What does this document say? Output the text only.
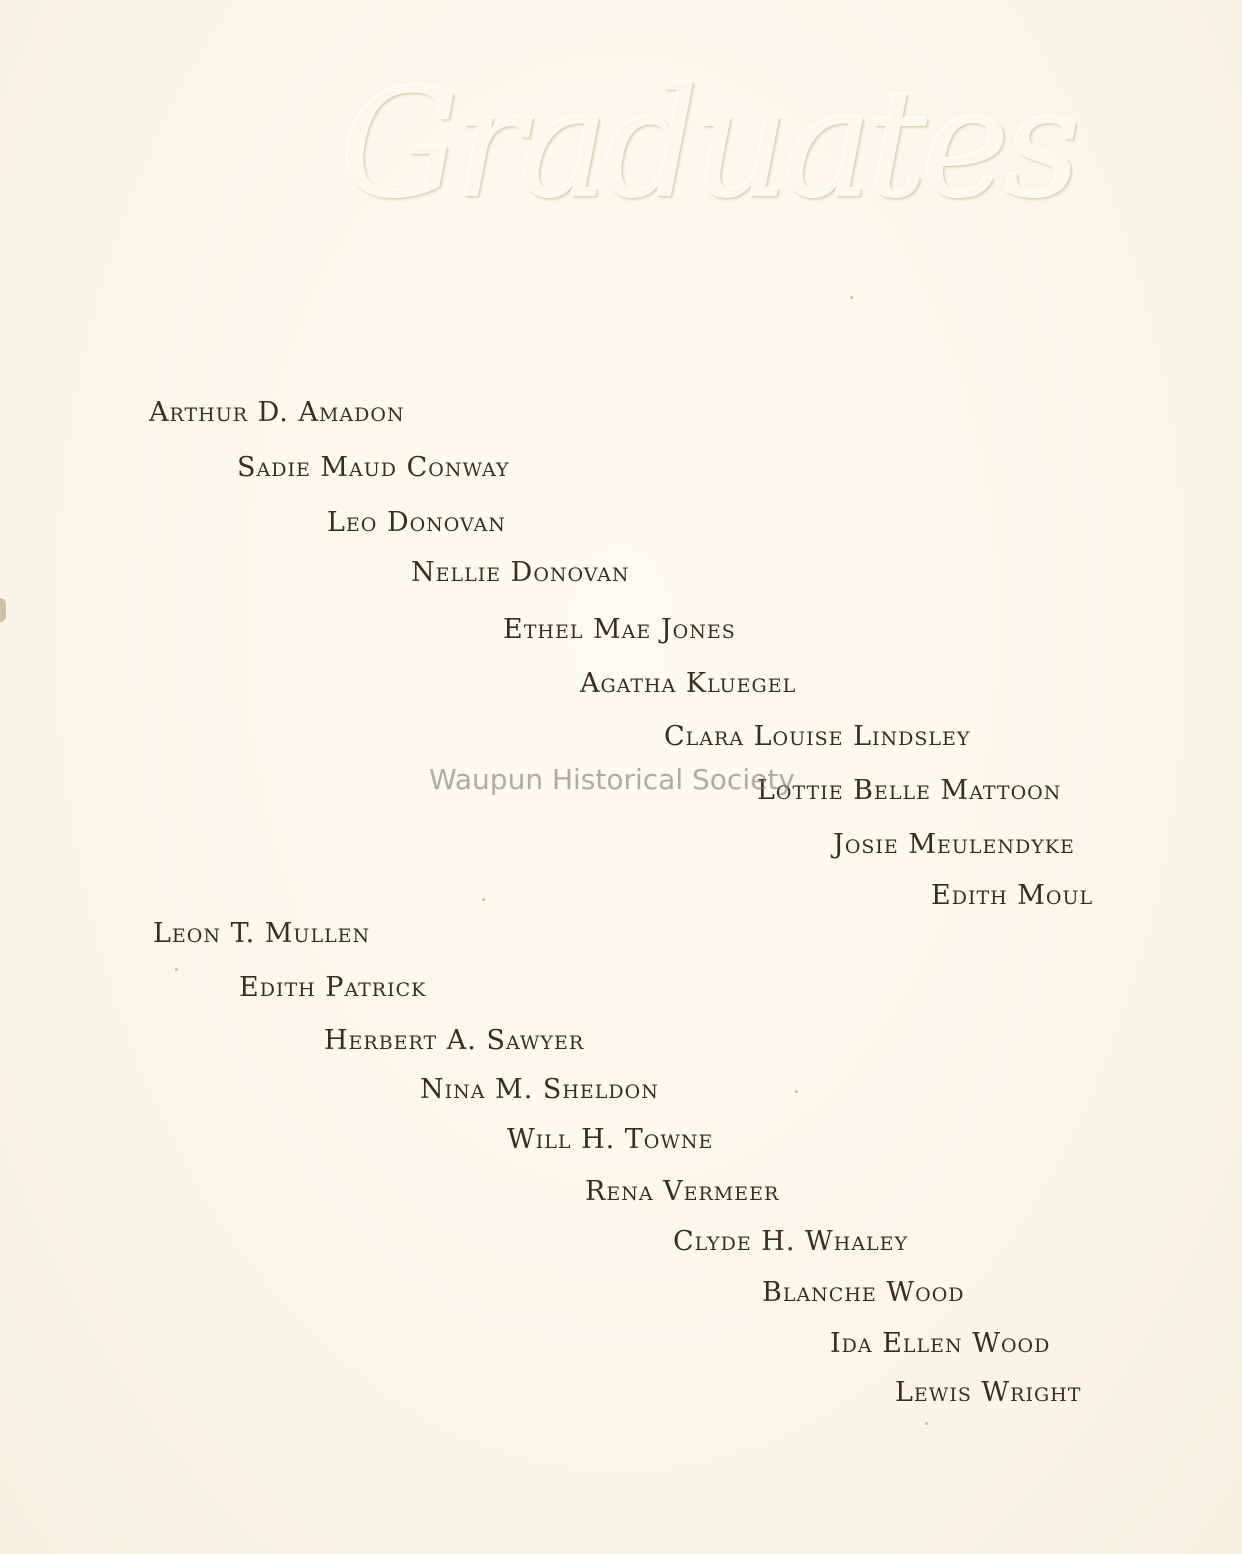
Graduates
Arthur D. Amadon
Sadie Maud Conway
Leo Donovan
Nellie Donovan
Ethel Mae Jones
Agatha Kluegel
Clara Louise Lindsley
Lottie Belle Mattoon
Josie Meulendyke
Edith Moul
Leon T. Mullen
Edith Patrick
Herbert A. Sawyer
Nina M. Sheldon
Will H. Towne
Rena Vermeer
Clyde H. Whaley
Blanche Wood
Ida Ellen Wood
Lewis Wright
Waupun Historical Society
